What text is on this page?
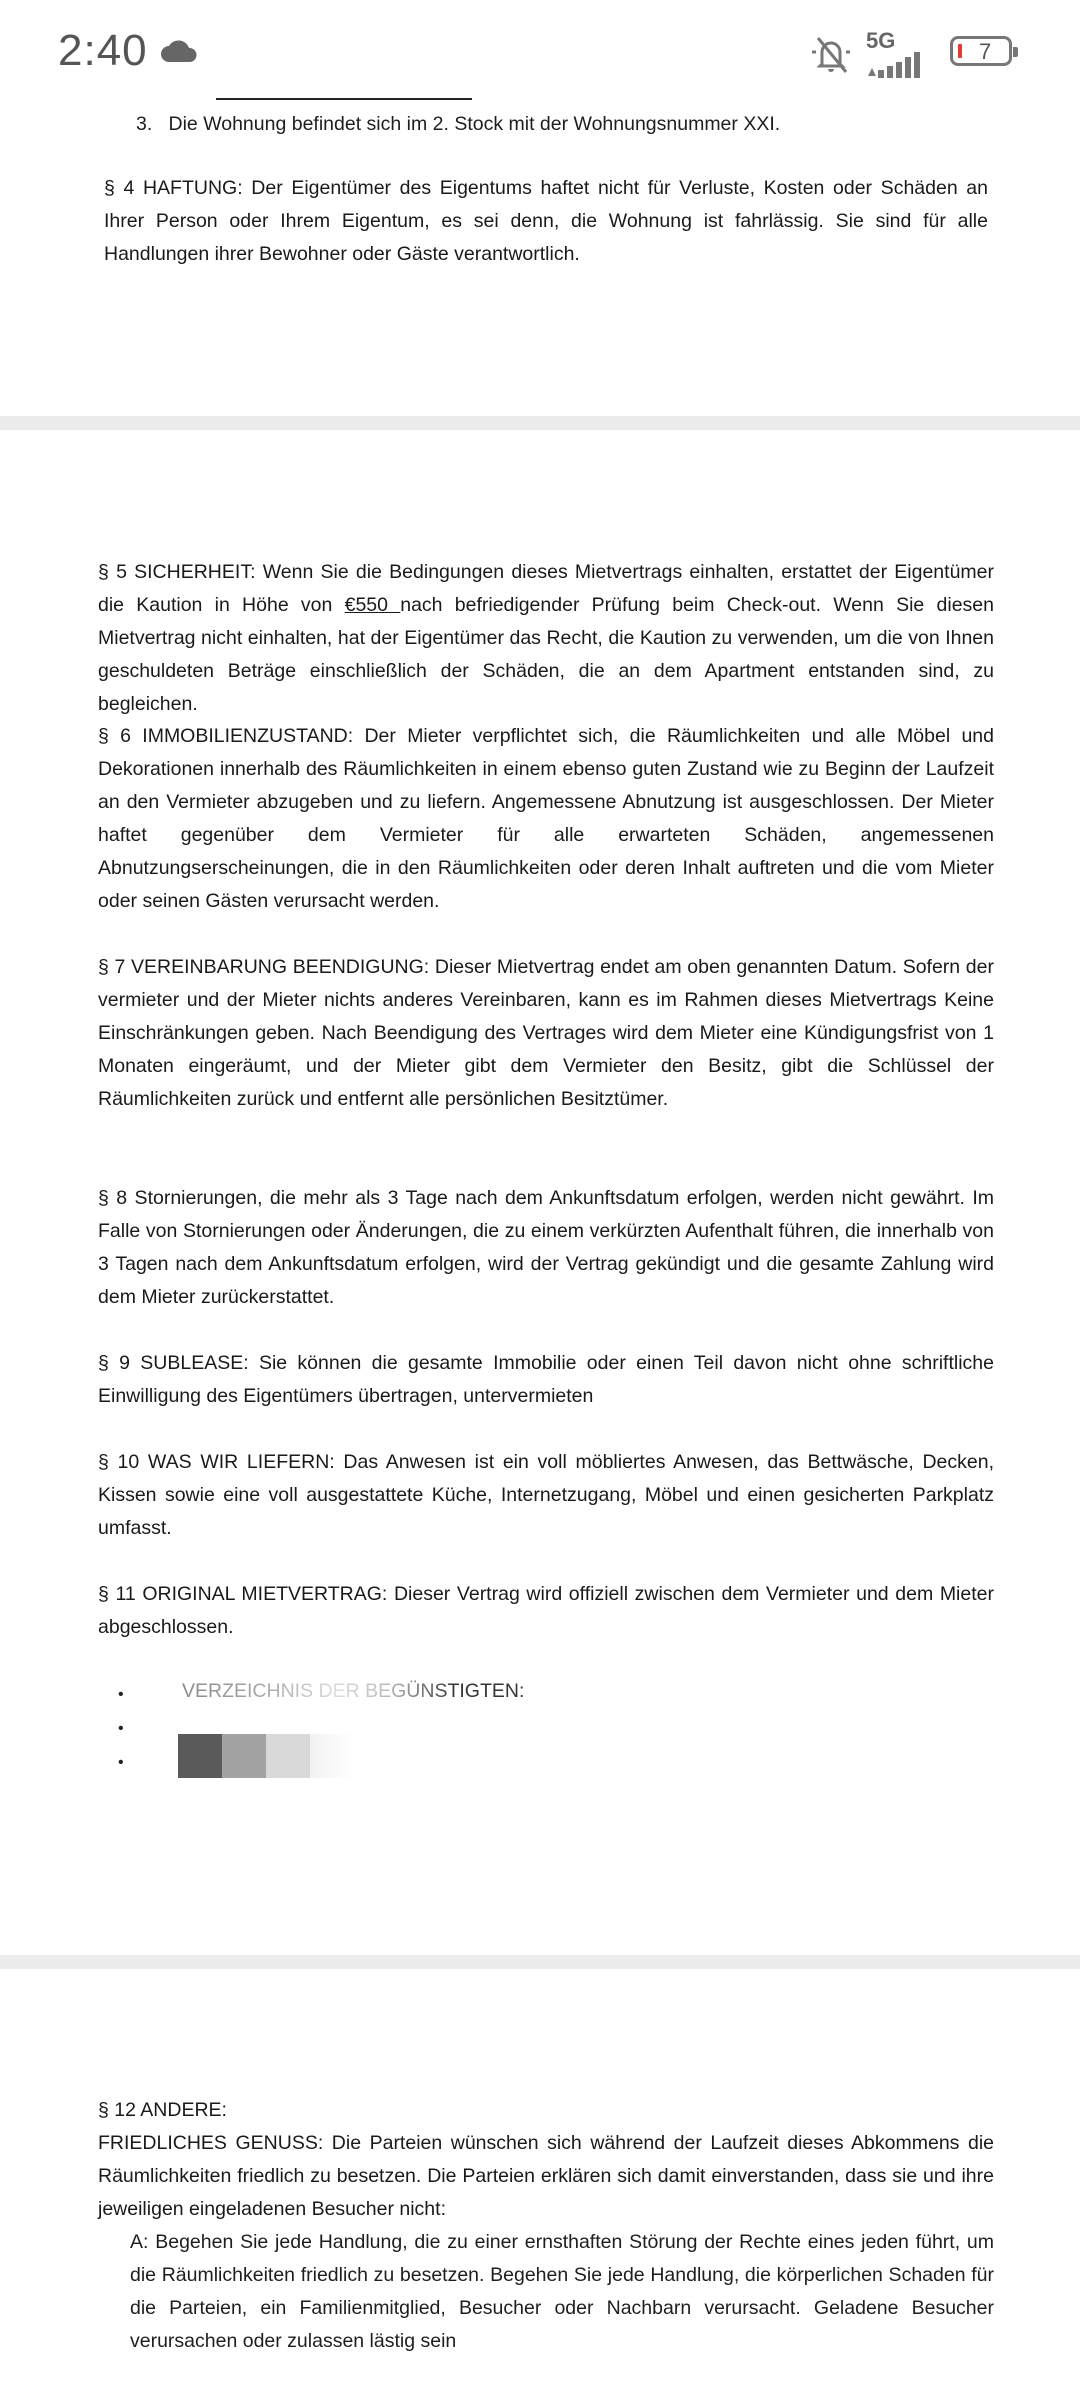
2:40	5G	7
3.   Die Wohnung befindet sich im 2. Stock mit der Wohnungsnummer XXI.
§ 4 HAFTUNG: Der Eigentümer des Eigentums haftet nicht für Verluste, Kosten oder Schäden an Ihrer Person oder Ihrem Eigentum, es sei denn, die Wohnung ist fahrlässig. Sie sind für alle Handlungen ihrer Bewohner oder Gäste verantwortlich.
§ 5 SICHERHEIT: Wenn Sie die Bedingungen dieses Mietvertrags einhalten, erstattet der Eigentümer die Kaution in Höhe von €550 nach befriedigender Prüfung beim Check-out. Wenn Sie diesen Mietvertrag nicht einhalten, hat der Eigentümer das Recht, die Kaution zu verwenden, um die von Ihnen geschuldeten Beträge einschließlich der Schäden, die an dem Apartment entstanden sind, zu begleichen.
§ 6 IMMOBILIENZUSTAND: Der Mieter verpflichtet sich, die Räumlichkeiten und alle Möbel und Dekorationen innerhalb des Räumlichkeiten in einem ebenso guten Zustand wie zu Beginn der Laufzeit an den Vermieter abzugeben und zu liefern. Angemessene Abnutzung ist ausgeschlossen. Der Mieter haftet gegenüber dem Vermieter für alle erwarteten Schäden, angemessenen Abnutzungserscheinungen, die in den Räumlichkeiten oder deren Inhalt auftreten und die vom Mieter oder seinen Gästen verursacht werden.
§ 7 VEREINBARUNG BEENDIGUNG: Dieser Mietvertrag endet am oben genannten Datum. Sofern der vermieter und der Mieter nichts anderes Vereinbaren, kann es im Rahmen dieses Mietvertrags Keine Einschränkungen geben. Nach Beendigung des Vertrages wird dem Mieter eine Kündigungsfrist von 1 Monaten eingeräumt, und der Mieter gibt dem Vermieter den Besitz, gibt die Schlüssel der Räumlichkeiten zurück und entfernt alle persönlichen Besitztümer.
§ 8 Stornierungen, die mehr als 3 Tage nach dem Ankunftsdatum erfolgen, werden nicht gewährt. Im Falle von Stornierungen oder Änderungen, die zu einem verkürzten Aufenthalt führen, die innerhalb von 3 Tagen nach dem Ankunftsdatum erfolgen, wird der Vertrag gekündigt und die gesamte Zahlung wird dem Mieter zurückerstattet.
§ 9 SUBLEASE: Sie können die gesamte Immobilie oder einen Teil davon nicht ohne schriftliche Einwilligung des Eigentümers übertragen, untervermieten
§ 10 WAS WIR LIEFERN: Das Anwesen ist ein voll möbliertes Anwesen, das Bettwäsche, Decken, Kissen sowie eine voll ausgestattete Küche, Internetzugang, Möbel und einen gesicherten Parkplatz umfasst.
§ 11 ORIGINAL MIETVERTRAG: Dieser Vertrag wird offiziell zwischen dem Vermieter und dem Mieter abgeschlossen.
•
•
•
VERZEICHNIS DER BEGÜNSTIGTEN:
§ 12 ANDERE:
FRIEDLICHES GENUSS: Die Parteien wünschen sich während der Laufzeit dieses Abkommens die Räumlichkeiten friedlich zu besetzen. Die Parteien erklären sich damit einverstanden, dass sie und ihre jeweiligen eingeladenen Besucher nicht:
A: Begehen Sie jede Handlung, die zu einer ernsthaften Störung der Rechte eines jeden führt, um die Räumlichkeiten friedlich zu besetzen. Begehen Sie jede Handlung, die körperlichen Schaden für die Parteien, ein Familienmitglied, Besucher oder Nachbarn verursacht. Geladene Besucher verursachen oder zulassen lästig sein
